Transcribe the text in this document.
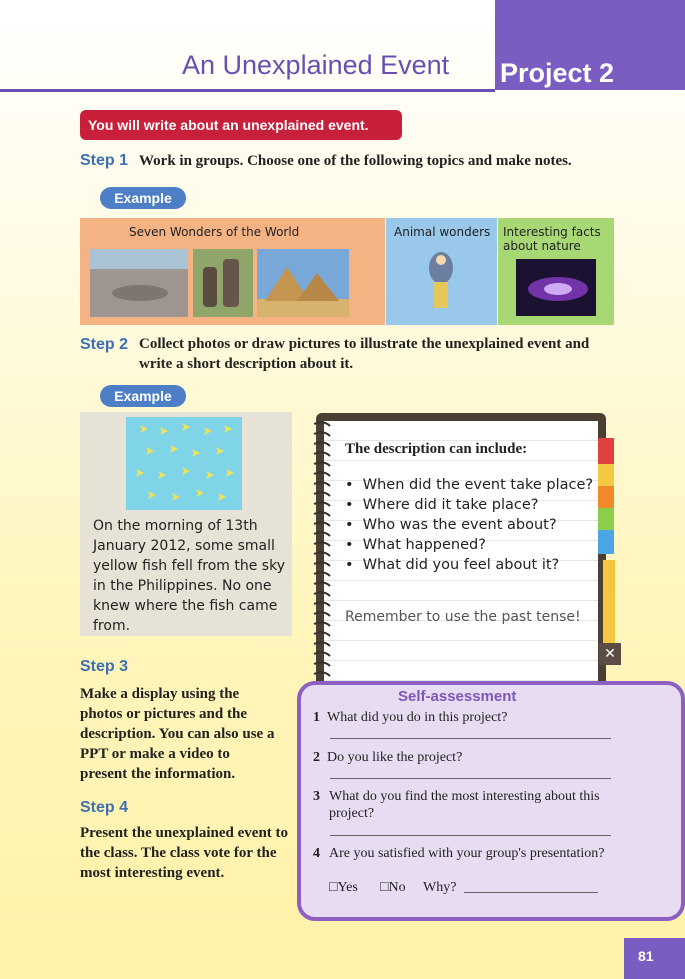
Project 2
An Unexplained Event
You will write about an unexplained event.
Step 1 Work in groups. Choose one of the following topics and make notes.
Example
Seven Wonders of the World	Animal wonders Interesting facts about nature
Step 2 Collect photos or draw pictures to illustrate the unexplained event and write a short description about it.
Example
On the morning of 13th January 2012, some small yellow fish fell from the sky in the Philippines. No one knew where the fish came from.
✕
The description can include:
•  When did the event take place?
•  Where did it take place?
•  Who was the event about?
•  What happened?
•  What did you feel about it?
Remember to use the past tense!
Step 3
Make a display using the photos or pictures and the description. You can also use a PPT or make a video to present the information.
Step 4
Present the unexplained event to the class. The class vote for the most interesting event.
Self-assessment
1 What did you do in this project?
2 Do you like the project?
3 What do you find the most interesting about this project?
4 Are you satisfied with your group's presentation?
□Yes □No Why?
81
